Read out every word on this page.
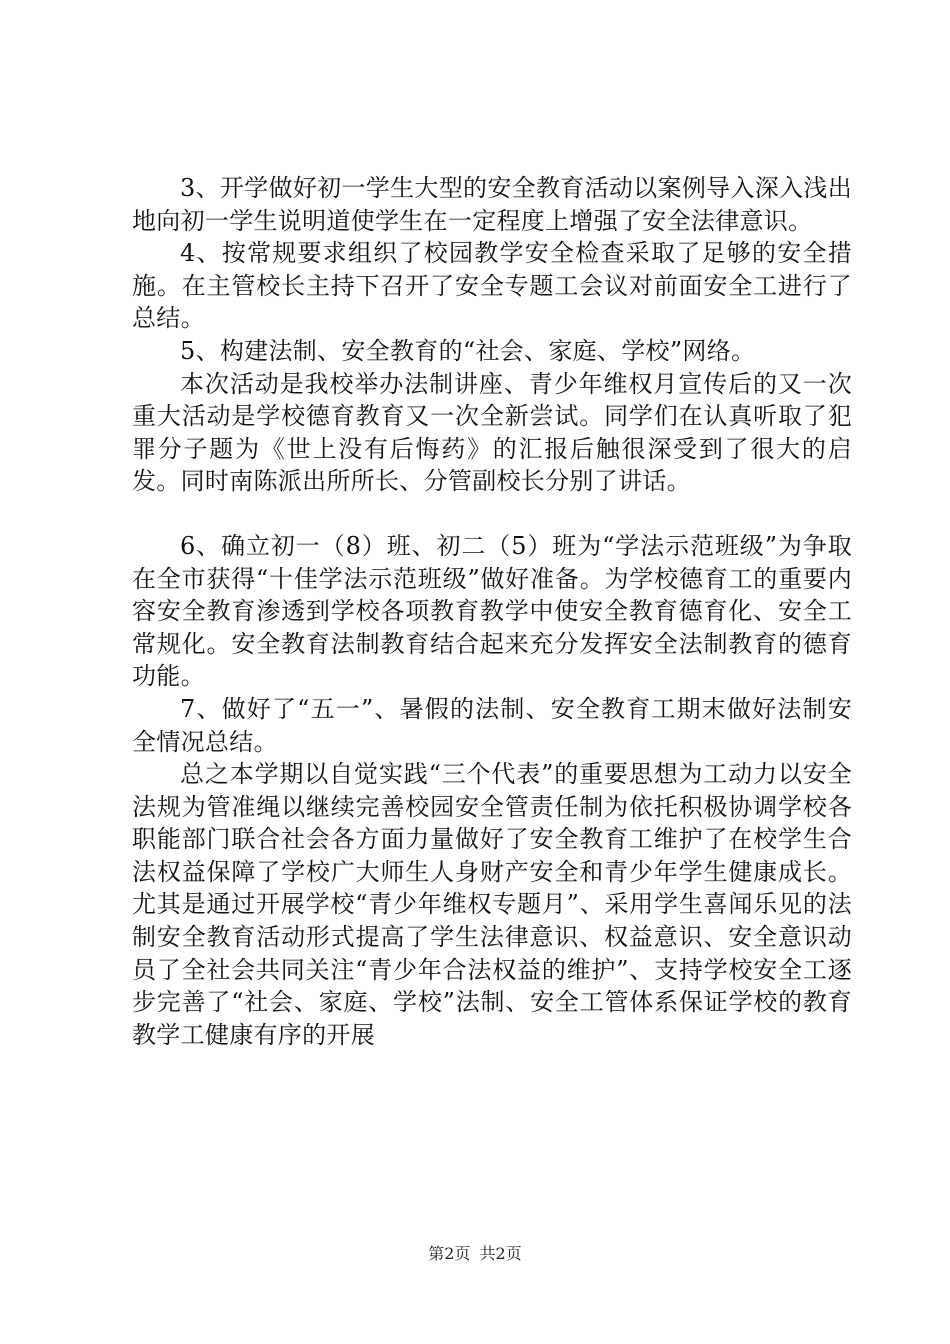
3、开学做好初一学生大型的安全教育活动以案例导入深入浅出地向初一学生说明道使学生在一定程度上增强了安全法律意识。

4、按常规要求组织了校园教学安全检查采取了足够的安全措施。在主管校长主持下召开了安全专题工会议对前面安全工进行了总结。

5、构建法制、安全教育的“社会、家庭、学校”网络。

本次活动是我校举办法制讲座、青少年维权月宣传后的又一次重大活动是学校德育教育又一次全新尝试。同学们在认真听取了犯罪分子题为《世上没有后悔药》的汇报后触很深受到了很大的启发。同时南陈派出所所长、分管副校长分别了讲话。

6、确立初一（8）班、初二（5）班为“学法示范班级”为争取在全市获得“十佳学法示范班级”做好准备。为学校德育工的重要内容安全教育渗透到学校各项教育教学中使安全教育德育化、安全工常规化。安全教育法制教育结合起来充分发挥安全法制教育的德育功能。

7、做好了“五一”、暑假的法制、安全教育工期末做好法制安全情况总结。

总之本学期以自觉实践“三个代表”的重要思想为工动力以安全法规为管准绳以继续完善校园安全管责任制为依托积极协调学校各职能部门联合社会各方面力量做好了安全教育工维护了在校学生合法权益保障了学校广大师生人身财产安全和青少年学生健康成长。尤其是通过开展学校“青少年维权专题月”、采用学生喜闻乐见的法制安全教育活动形式提高了学生法律意识、权益意识、安全意识动员了全社会共同关注“青少年合法权益的维护”、支持学校安全工逐步完善了“社会、家庭、学校”法制、安全工管体系保证学校的教育教学工健康有序的开展

第2页 共2页
